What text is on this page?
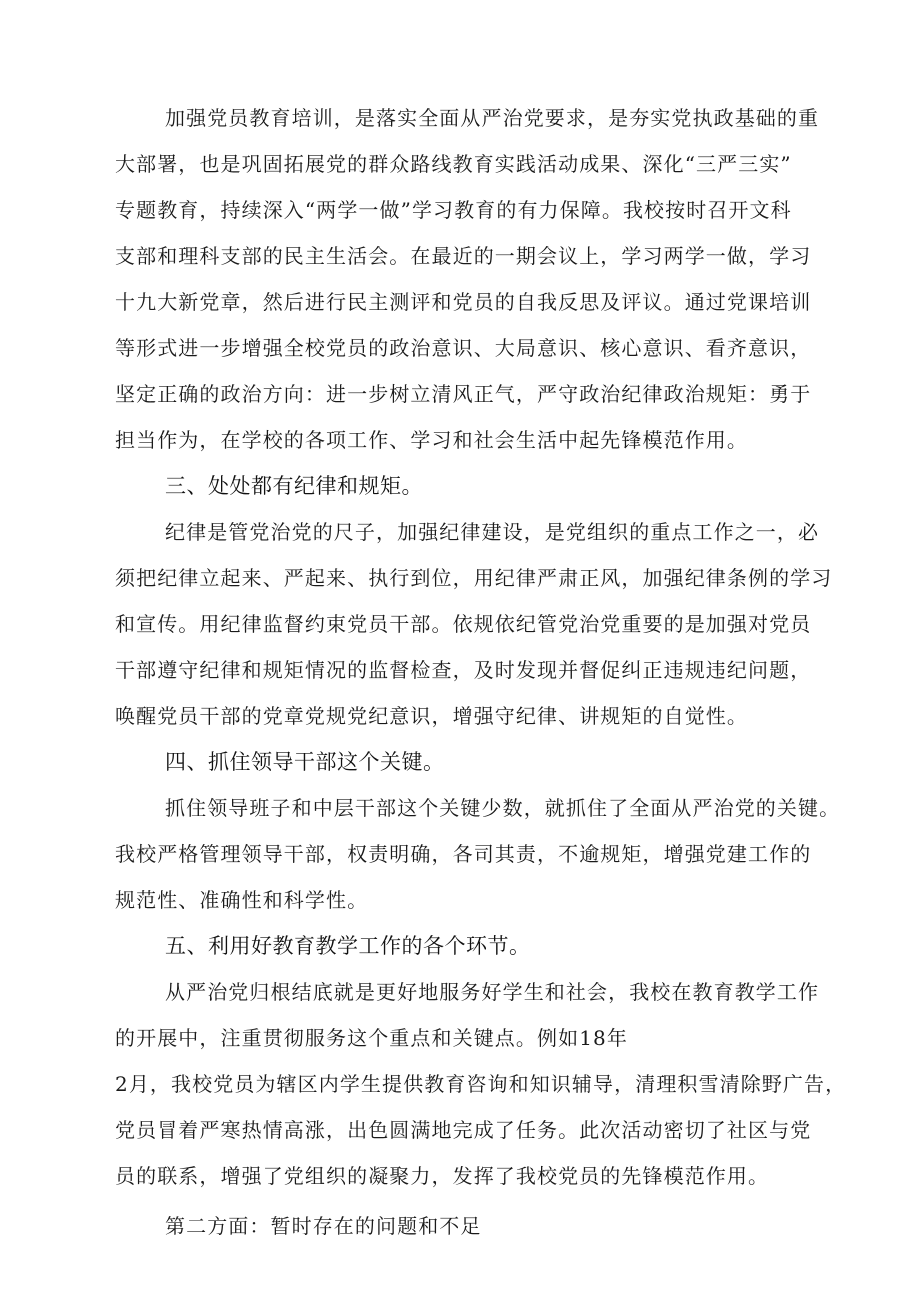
加强党员教育培训，是落实全面从严治党要求，是夯实党执政基础的重
大部署，也是巩固拓展党的群众路线教育实践活动成果、深化“三严三实”
专题教育，持续深入“两学一做”学习教育的有力保障。我校按时召开文科
支部和理科支部的民主生活会。在最近的一期会议上，学习两学一做，学习
十九大新党章，然后进行民主测评和党员的自我反思及评议。通过党课培训
等形式进一步增强全校党员的政治意识、大局意识、核心意识、看齐意识，
坚定正确的政治方向：进一步树立清风正气，严守政治纪律政治规矩：勇于
担当作为，在学校的各项工作、学习和社会生活中起先锋模范作用。
三、处处都有纪律和规矩。
纪律是管党治党的尺子，加强纪律建设，是党组织的重点工作之一，必
须把纪律立起来、严起来、执行到位，用纪律严肃正风，加强纪律条例的学习
和宣传。用纪律监督约束党员干部。依规依纪管党治党重要的是加强对党员
干部遵守纪律和规矩情况的监督检查，及时发现并督促纠正违规违纪问题，
唤醒党员干部的党章党规党纪意识，增强守纪律、讲规矩的自觉性。
四、抓住领导干部这个关键。
抓住领导班子和中层干部这个关键少数，就抓住了全面从严治党的关键。
我校严格管理领导干部，权责明确，各司其责，不逾规矩，增强党建工作的
规范性、准确性和科学性。
五、利用好教育教学工作的各个环节。
从严治党归根结底就是更好地服务好学生和社会，我校在教育教学工作
的开展中，注重贯彻服务这个重点和关键点。例如18年
2月，我校党员为辖区内学生提供教育咨询和知识辅导，清理积雪清除野广告，
党员冒着严寒热情高涨，出色圆满地完成了任务。此次活动密切了社区与党
员的联系，增强了党组织的凝聚力，发挥了我校党员的先锋模范作用。
第二方面：暂时存在的问题和不足
